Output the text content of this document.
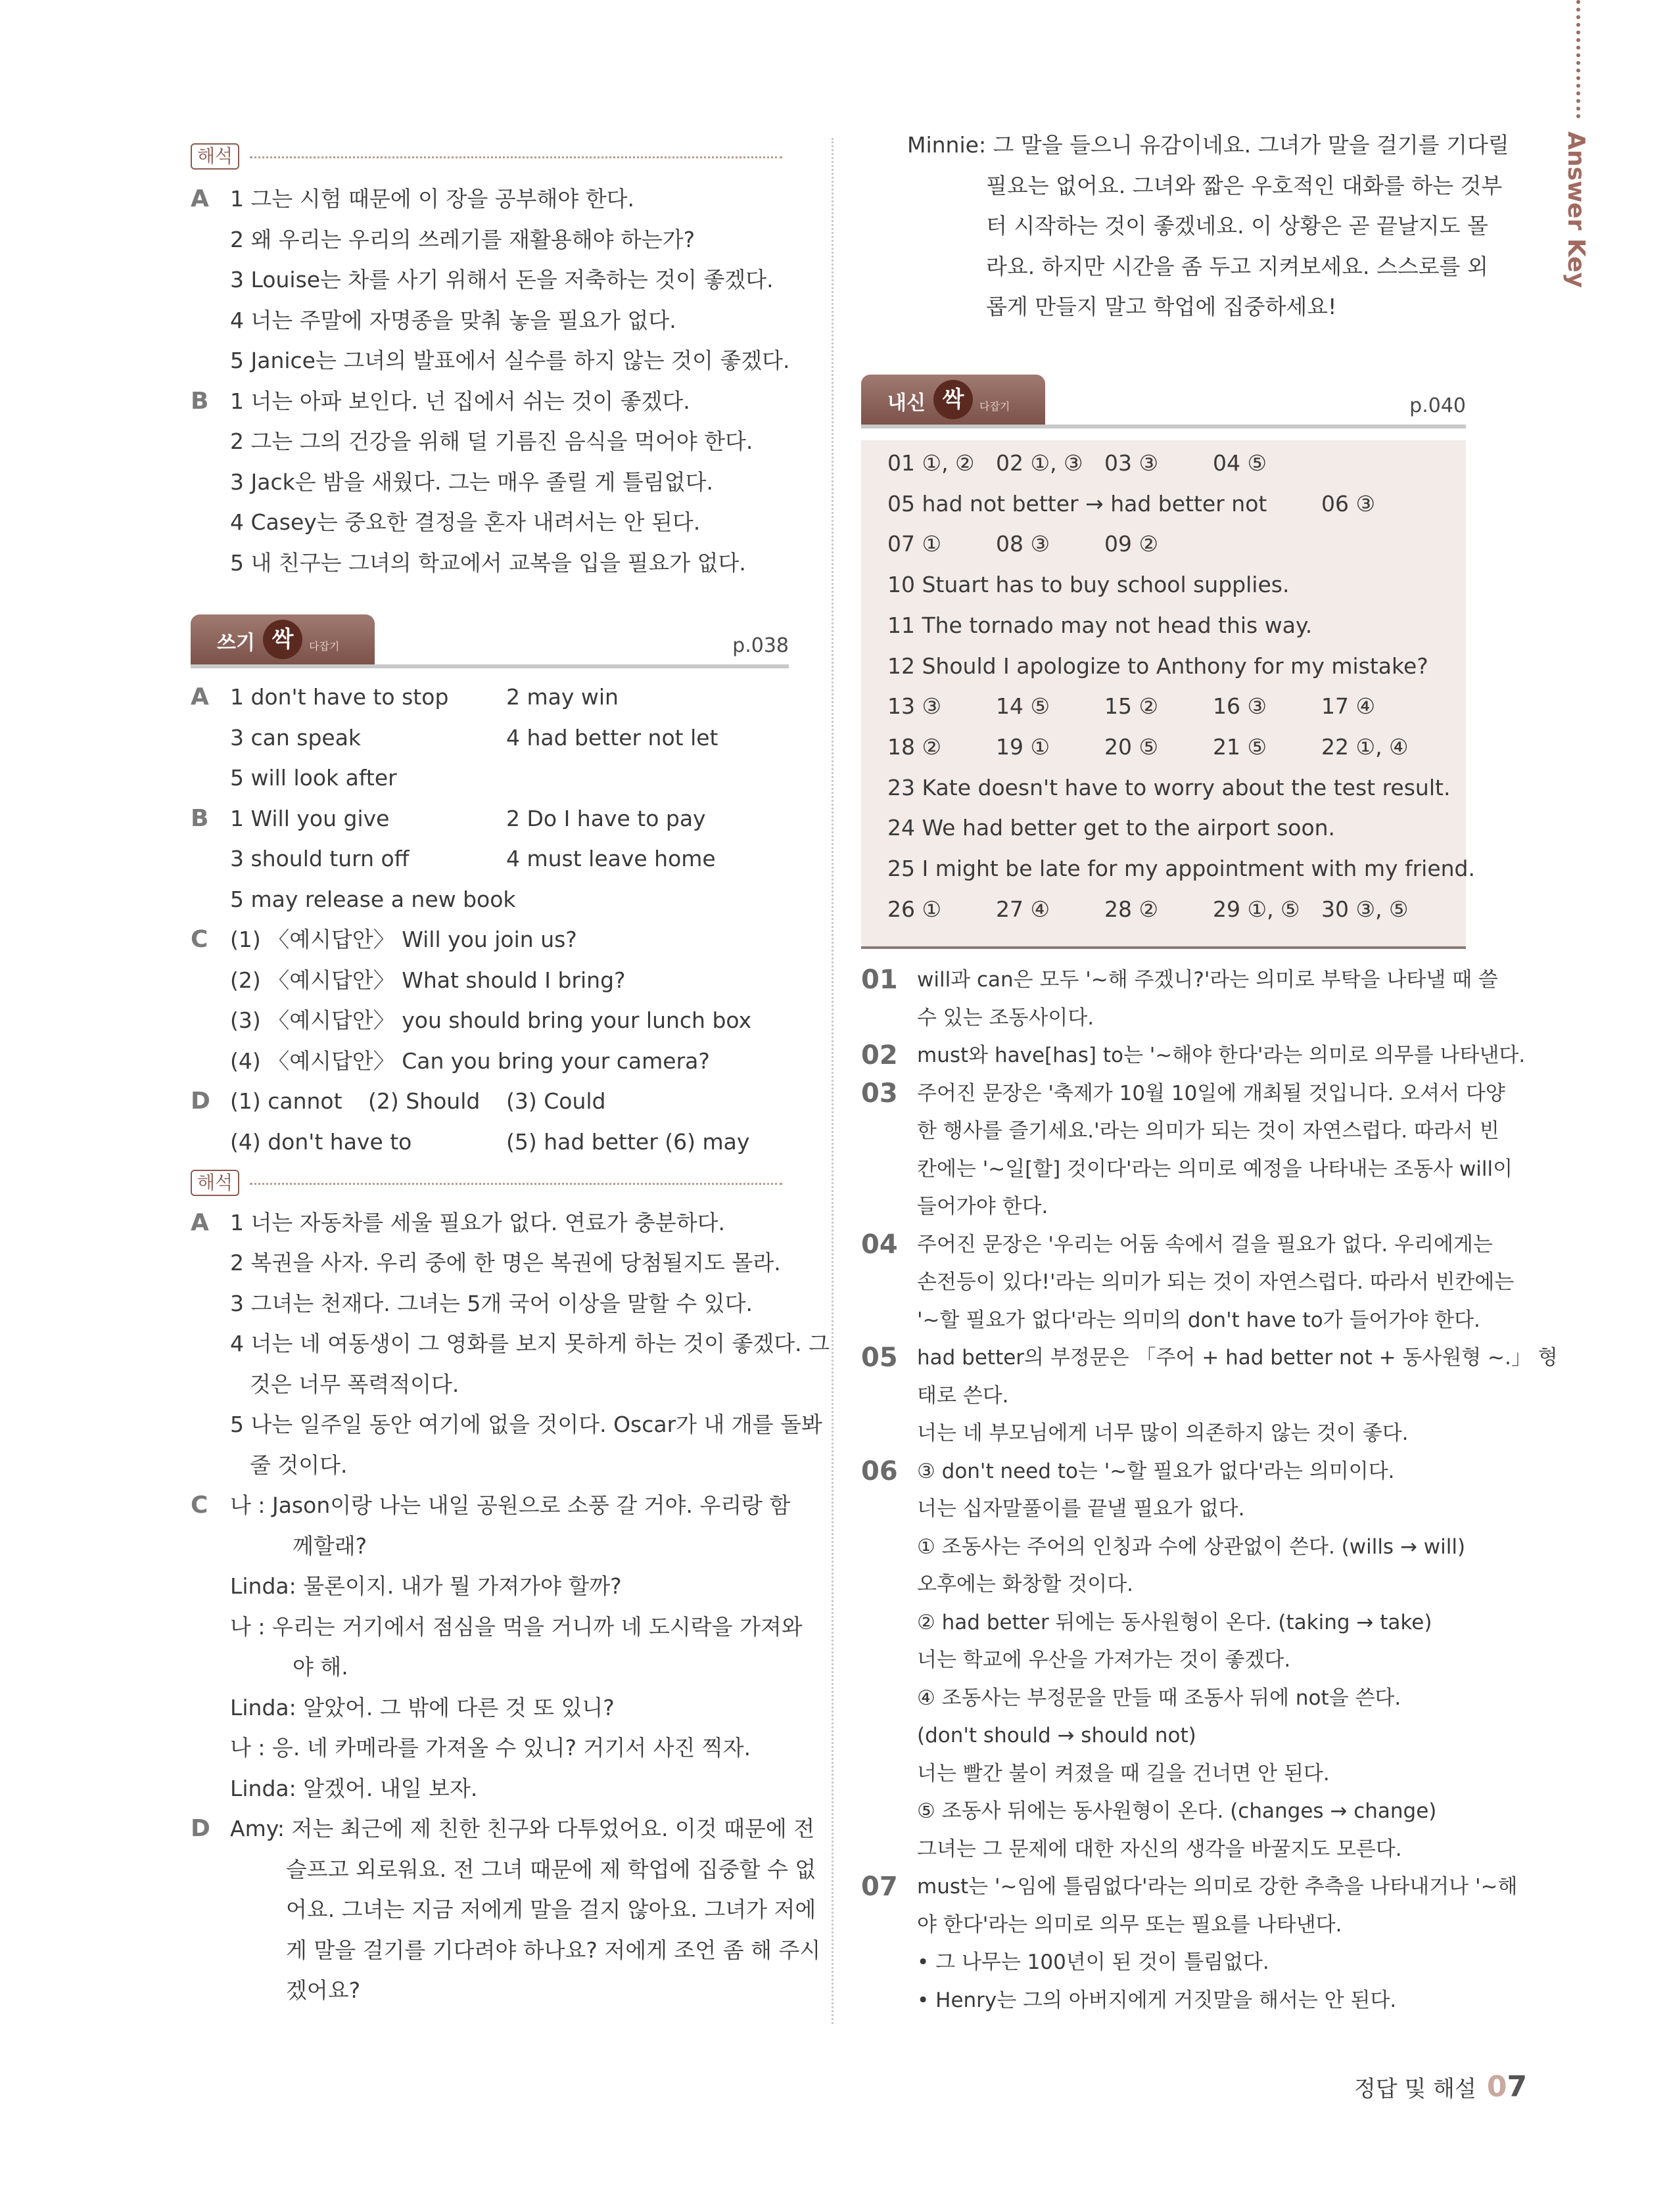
Answer Key
해석
A 1 그는 시험 때문에 이 장을 공부해야 한다.
2 왜 우리는 우리의 쓰레기를 재활용해야 하는가?
3 Louise는 차를 사기 위해서 돈을 저축하는 것이 좋겠다.
4 너는 주말에 자명종을 맞춰 놓을 필요가 없다.
5 Janice는 그녀의 발표에서 실수를 하지 않는 것이 좋겠다.
B 1 너는 아파 보인다. 넌 집에서 쉬는 것이 좋겠다.
2 그는 그의 건강을 위해 덜 기름진 음식을 먹어야 한다.
3 Jack은 밤을 새웠다. 그는 매우 졸릴 게 틀림없다.
4 Casey는 중요한 결정을 혼자 내려서는 안 된다.
5 내 친구는 그녀의 학교에서 교복을 입을 필요가 없다.
쓰기 싹	다잡기	p.038
A 1 don't have to stop	2 may win
3 can speak	4 had better not let
5 will look after
B 1 Will you give	2 Do I have to pay
3 should turn off	4 must leave home
5 may release a new book
C (1) 〈예시답안〉 Will you join us?
(2) 〈예시답안〉 What should I bring?
(3) 〈예시답안〉 you should bring your lunch box
(4) 〈예시답안〉 Can you bring your camera?
D (1) cannot (2) Should (3) Could
(4) don't have to	(5) had better (6) may
해석
A 1 너는 자동차를 세울 필요가 없다. 연료가 충분하다.
2 복권을 사자. 우리 중에 한 명은 복권에 당첨될지도 몰라.
3 그녀는 천재다. 그녀는 5개 국어 이상을 말할 수 있다.
4 너는 네 여동생이 그 영화를 보지 못하게 하는 것이 좋겠다. 그
것은 너무 폭력적이다.
5 나는 일주일 동안 여기에 없을 것이다. Oscar가 내 개를 돌봐
줄 것이다.
C 나 : Jason이랑 나는 내일 공원으로 소풍 갈 거야. 우리랑 함
께할래?
Linda: 물론이지. 내가 뭘 가져가야 할까?
나 : 우리는 거기에서 점심을 먹을 거니까 네 도시락을 가져와
야 해.
Linda: 알았어. 그 밖에 다른 것 또 있니?
나 : 응. 네 카메라를 가져올 수 있니? 거기서 사진 찍자.
Linda: 알겠어. 내일 보자.
D Amy: 저는 최근에 제 친한 친구와 다투었어요. 이것 때문에 전
슬프고 외로워요. 전 그녀 때문에 제 학업에 집중할 수 없
어요. 그녀는 지금 저에게 말을 걸지 않아요. 그녀가 저에
게 말을 걸기를 기다려야 하나요? 저에게 조언 좀 해 주시
겠어요?
Minnie: 그 말을 들으니 유감이네요. 그녀가 말을 걸기를 기다릴
필요는 없어요. 그녀와 짧은 우호적인 대화를 하는 것부
터 시작하는 것이 좋겠네요. 이 상황은 곧 끝날지도 몰
라요. 하지만 시간을 좀 두고 지켜보세요. 스스로를 외
롭게 만들지 말고 학업에 집중하세요!
내신 싹	다잡기	p.040
01 ①, ② 02 ①, ③ 03 ③	04 ⑤
05 had not better → had better not	06 ③
07 ①	08 ③	09 ②
10 Stuart has to buy school supplies.
11 The tornado may not head this way.
12 Should I apologize to Anthony for my mistake?
13 ③	14 ⑤	15 ②	16 ③	17 ④
18 ②	19 ①	20 ⑤	21 ⑤	22 ①, ④
23 Kate doesn't have to worry about the test result.
24 We had better get to the airport soon.
25 I might be late for my appointment with my friend.
26 ①	27 ④	28 ②	29 ①, ⑤ 30 ③, ⑤
01 will과 can은 모두 '~해 주겠니?'라는 의미로 부탁을 나타낼 때 쓸
수 있는 조동사이다.
02 must와 have[has] to는 '~해야 한다'라는 의미로 의무를 나타낸다.
03 주어진 문장은 '축제가 10월 10일에 개최될 것입니다. 오셔서 다양
한 행사를 즐기세요.'라는 의미가 되는 것이 자연스럽다. 따라서 빈
칸에는 '~일[할] 것이다'라는 의미로 예정을 나타내는 조동사 will이
들어가야 한다.
04 주어진 문장은 '우리는 어둠 속에서 걸을 필요가 없다. 우리에게는
손전등이 있다!'라는 의미가 되는 것이 자연스럽다. 따라서 빈칸에는
'~할 필요가 없다'라는 의미의 don't have to가 들어가야 한다.
05 had better의 부정문은 「주어 + had better not + 동사원형 ~.」 형
태로 쓴다.
너는 네 부모님에게 너무 많이 의존하지 않는 것이 좋다.
06 ③ don't need to는 '~할 필요가 없다'라는 의미이다.
너는 십자말풀이를 끝낼 필요가 없다.
① 조동사는 주어의 인칭과 수에 상관없이 쓴다. (wills → will)
오후에는 화창할 것이다.
② had better 뒤에는 동사원형이 온다. (taking → take)
너는 학교에 우산을 가져가는 것이 좋겠다.
④ 조동사는 부정문을 만들 때 조동사 뒤에 not을 쓴다.
(don't should → should not)
너는 빨간 불이 켜졌을 때 길을 건너면 안 된다.
⑤ 조동사 뒤에는 동사원형이 온다. (changes → change)
그녀는 그 문제에 대한 자신의 생각을 바꿀지도 모른다.
07 must는 '~임에 틀림없다'라는 의미로 강한 추측을 나타내거나 '~해
야 한다'라는 의미로 의무 또는 필요를 나타낸다.
• 그 나무는 100년이 된 것이 틀림없다.
• Henry는 그의 아버지에게 거짓말을 해서는 안 된다.
정답 및 해설 07
